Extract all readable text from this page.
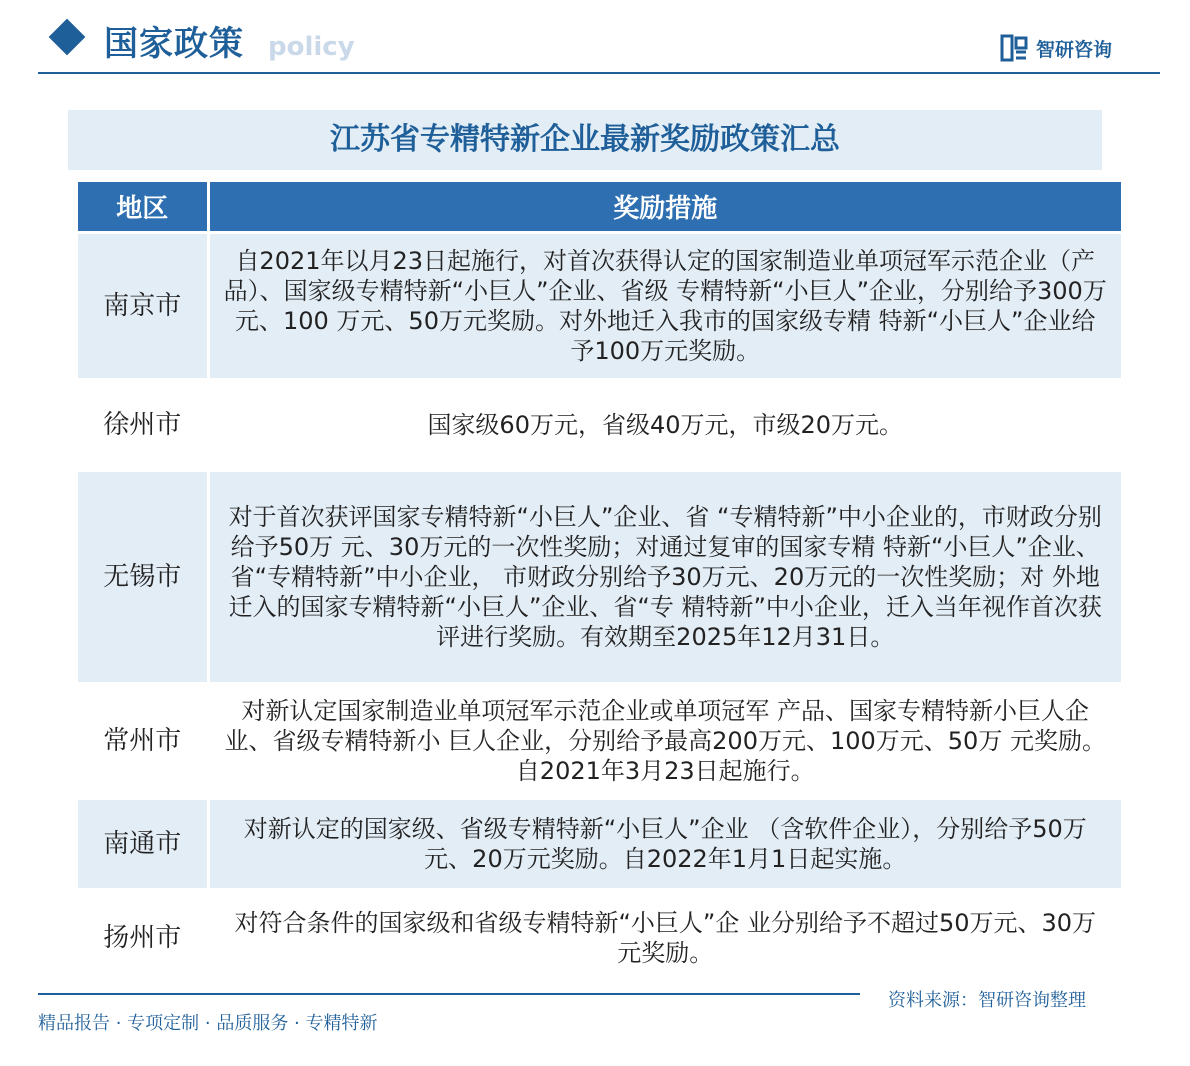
国家政策 policy	智研咨询
江苏省专精特新企业最新奖励政策汇总
地区	奖励措施
南京市	自2021年以月23日起施行，对首次获得认定的国家制造业单项冠军示范企业（产品）、国家级专精特新“小巨人”企业、省级 专精特新“小巨人”企业，分别给予300万元、100 万元、50万元奖励。对外地迁入我市的国家级专精 特新“小巨人”企业给予100万元奖励。
徐州市	国家级60万元，省级40万元，市级20万元。
无锡市	对于首次获评国家专精特新“小巨人”企业、省 “专精特新”中小企业的，市财政分别给予50万 元、30万元的一次性奖励；对通过复审的国家专精 特新“小巨人”企业、省“专精特新”中小企业， 市财政分别给予30万元、20万元的一次性奖励；对 外地迁入的国家专精特新“小巨人”企业、省“专 精特新”中小企业，迁入当年视作首次获评进行奖励。有效期至2025年12月31日。
常州市	对新认定国家制造业单项冠军示范企业或单项冠军 产品、国家专精特新小巨人企业、省级专精特新小 巨人企业，分别给予最高200万元、100万元、50万 元奖励。自2021年3月23日起施行。
南通市	对新认定的国家级、省级专精特新“小巨人”企业 （含软件企业），分别给予50万元、20万元奖励。自2022年1月1日起实施。
扬州市	对符合条件的国家级和省级专精特新“小巨人”企 业分别给予不超过50万元、30万元奖励。
精品报告 · 专项定制 · 品质服务 · 专精特新
资料来源：智研咨询整理
